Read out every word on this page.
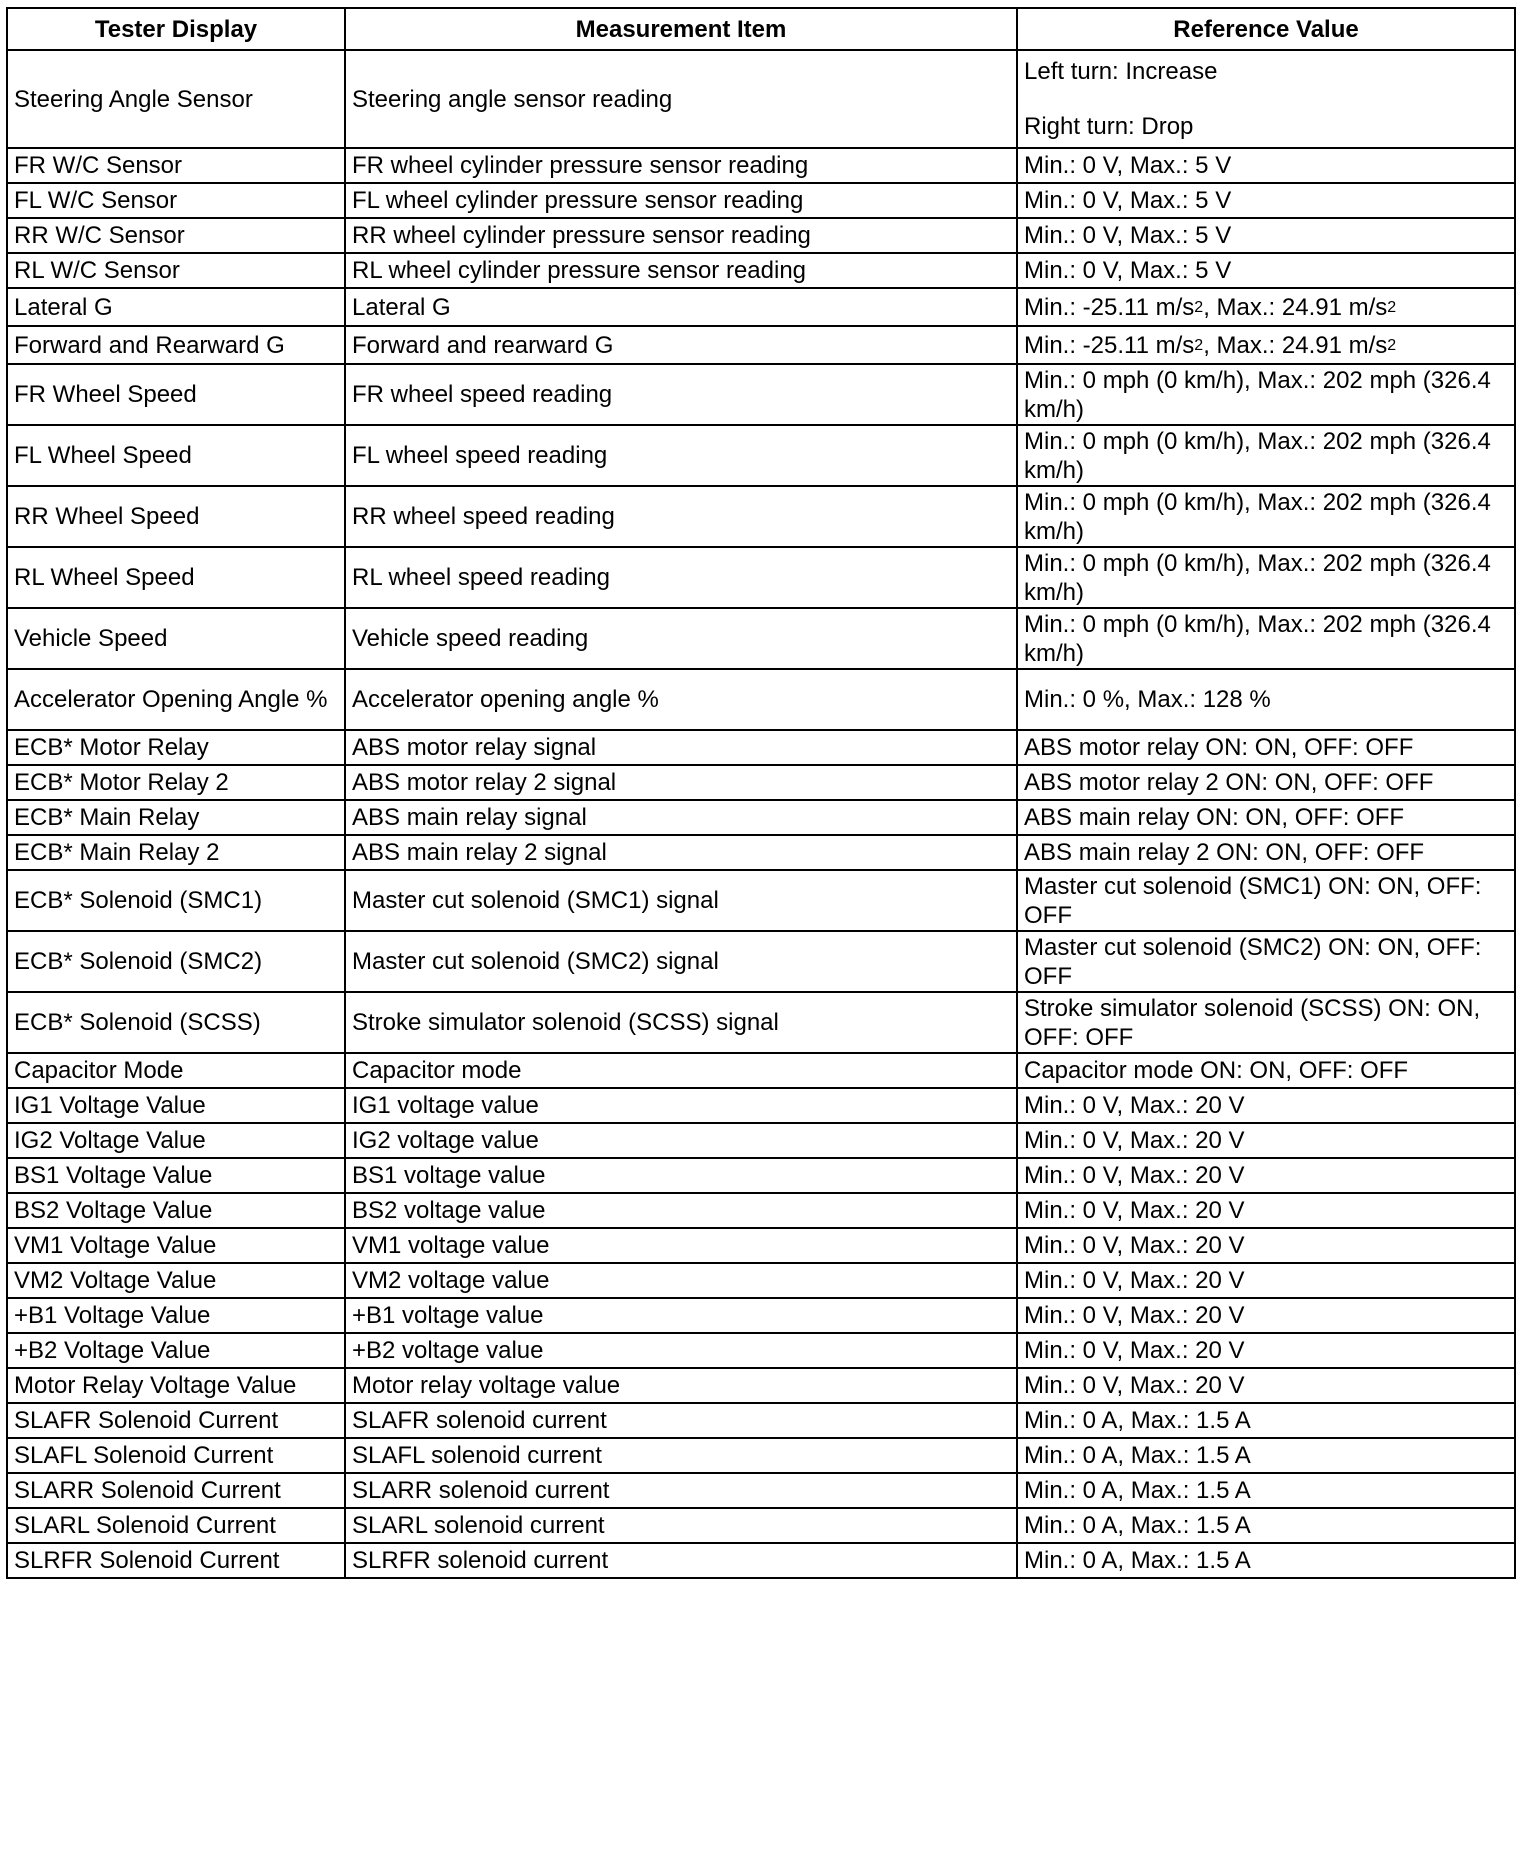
Tester Display	Measurement Item	Reference Value
Steering Angle Sensor	Steering angle sensor reading	Left turn: Increase
Right turn: Drop

FR W/C Sensor	FR wheel cylinder pressure sensor reading	Min.: 0 V, Max.: 5 V
FL W/C Sensor	FL wheel cylinder pressure sensor reading	Min.: 0 V, Max.: 5 V
RR W/C Sensor	RR wheel cylinder pressure sensor reading	Min.: 0 V, Max.: 5 V
RL W/C Sensor	RL wheel cylinder pressure sensor reading	Min.: 0 V, Max.: 5 V
Lateral G	Lateral G	Min.: -25.11 $m/s^2$, Max.: 24.91 $m/s^2$
Forward and Rearward G	Forward and rearward G	Min.: -25.11 $m/s^2$, Max.: 24.91 $m/s^2$
FR Wheel Speed	FR wheel speed reading	Min.: 0 mph (0 km/h), Max.: 202 mph (326.4 km/h)
FL Wheel Speed	FL wheel speed reading	Min.: 0 mph (0 km/h), Max.: 202 mph (326.4 km/h)
RR Wheel Speed	RR wheel speed reading	Min.: 0 mph (0 km/h), Max.: 202 mph (326.4 km/h)
RL Wheel Speed	RL wheel speed reading	Min.: 0 mph (0 km/h), Max.: 202 mph (326.4 km/h)
Vehicle Speed	Vehicle speed reading	Min.: 0 mph (0 km/h), Max.: 202 mph (326.4 km/h)
Accelerator Opening Angle %	Accelerator opening angle %	Min.: 0 %, Max.: 128 %
ECB* Motor Relay	ABS motor relay signal	ABS motor relay ON: ON, OFF: OFF
ECB* Motor Relay 2	ABS motor relay 2 signal	ABS motor relay 2 ON: ON, OFF: OFF
ECB* Main Relay	ABS main relay signal	ABS main relay ON: ON, OFF: OFF
ECB* Main Relay 2	ABS main relay 2 signal	ABS main relay 2 ON: ON, OFF: OFF
ECB* Solenoid (SMC1)	Master cut solenoid (SMC1) signal	Master cut solenoid (SMC1) ON: ON, OFF: OFF
ECB* Solenoid (SMC2)	Master cut solenoid (SMC2) signal	Master cut solenoid (SMC2) ON: ON, OFF: OFF
ECB* Solenoid (SCSS)	Stroke simulator solenoid (SCSS) signal	Stroke simulator solenoid (SCSS) ON: ON, OFF: OFF
Capacitor Mode	Capacitor mode	Capacitor mode ON: ON, OFF: OFF
IG1 Voltage Value	IG1 voltage value	Min.: 0 V, Max.: 20 V
IG2 Voltage Value	IG2 voltage value	Min.: 0 V, Max.: 20 V
BS1 Voltage Value	BS1 voltage value	Min.: 0 V, Max.: 20 V
BS2 Voltage Value	BS2 voltage value	Min.: 0 V, Max.: 20 V
VM1 Voltage Value	VM1 voltage value	Min.: 0 V, Max.: 20 V
VM2 Voltage Value	VM2 voltage value	Min.: 0 V, Max.: 20 V
+B1 Voltage Value	+B1 voltage value	Min.: 0 V, Max.: 20 V
+B2 Voltage Value	+B2 voltage value	Min.: 0 V, Max.: 20 V
Motor Relay Voltage Value	Motor relay voltage value	Min.: 0 V, Max.: 20 V
SLAFR Solenoid Current	SLAFR solenoid current	Min.: 0 A, Max.: 1.5 A
SLAFL Solenoid Current	SLAFL solenoid current	Min.: 0 A, Max.: 1.5 A
SLARR Solenoid Current	SLARR solenoid current	Min.: 0 A, Max.: 1.5 A
SLARL Solenoid Current	SLARL solenoid current	Min.: 0 A, Max.: 1.5 A
SLRFR Solenoid Current	SLRFR solenoid current	Min.: 0 A, Max.: 1.5 A
